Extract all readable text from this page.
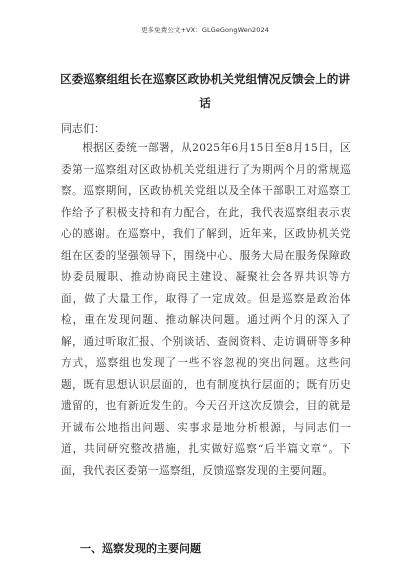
更多免费公文+VX：GLGeGongWen2024
区委巡察组组长在巡察区政协机关党组情况反馈会上的讲话
同志们：

根据区委统一部署，从2025年6月15日至8月15日，区委第一巡察组对区政协机关党组进行了为期两个月的常规巡察。巡察期间，区政协机关党组以及全体干部职工对巡察工作给予了积极支持和有力配合，在此，我代表巡察组表示衷心的感谢。在巡察中，我们了解到，近年来，区政协机关党组在区委的坚强领导下，围绕中心、服务大局在服务保障政协委员履职、推动协商民主建设、凝聚社会各界共识等方面，做了大量工作，取得了一定成效。但是巡察是政治体检，重在发现问题、推动解决问题。通过两个月的深入了解，通过听取汇报、个别谈话、查阅资料、走访调研等多种方式，巡察组也发现了一些不容忽视的突出问题。这些问题，既有思想认识层面的，也有制度执行层面的；既有历史遗留的，也有新近发生的。今天召开这次反馈会，目的就是开诚布公地指出问题、实事求是地分析根源，与同志们一道，共同研究整改措施，扎实做好巡察“后半篇文章”。下面，我代表区委第一巡察组，反馈巡察发现的主要问题。

一、巡察发现的主要问题
